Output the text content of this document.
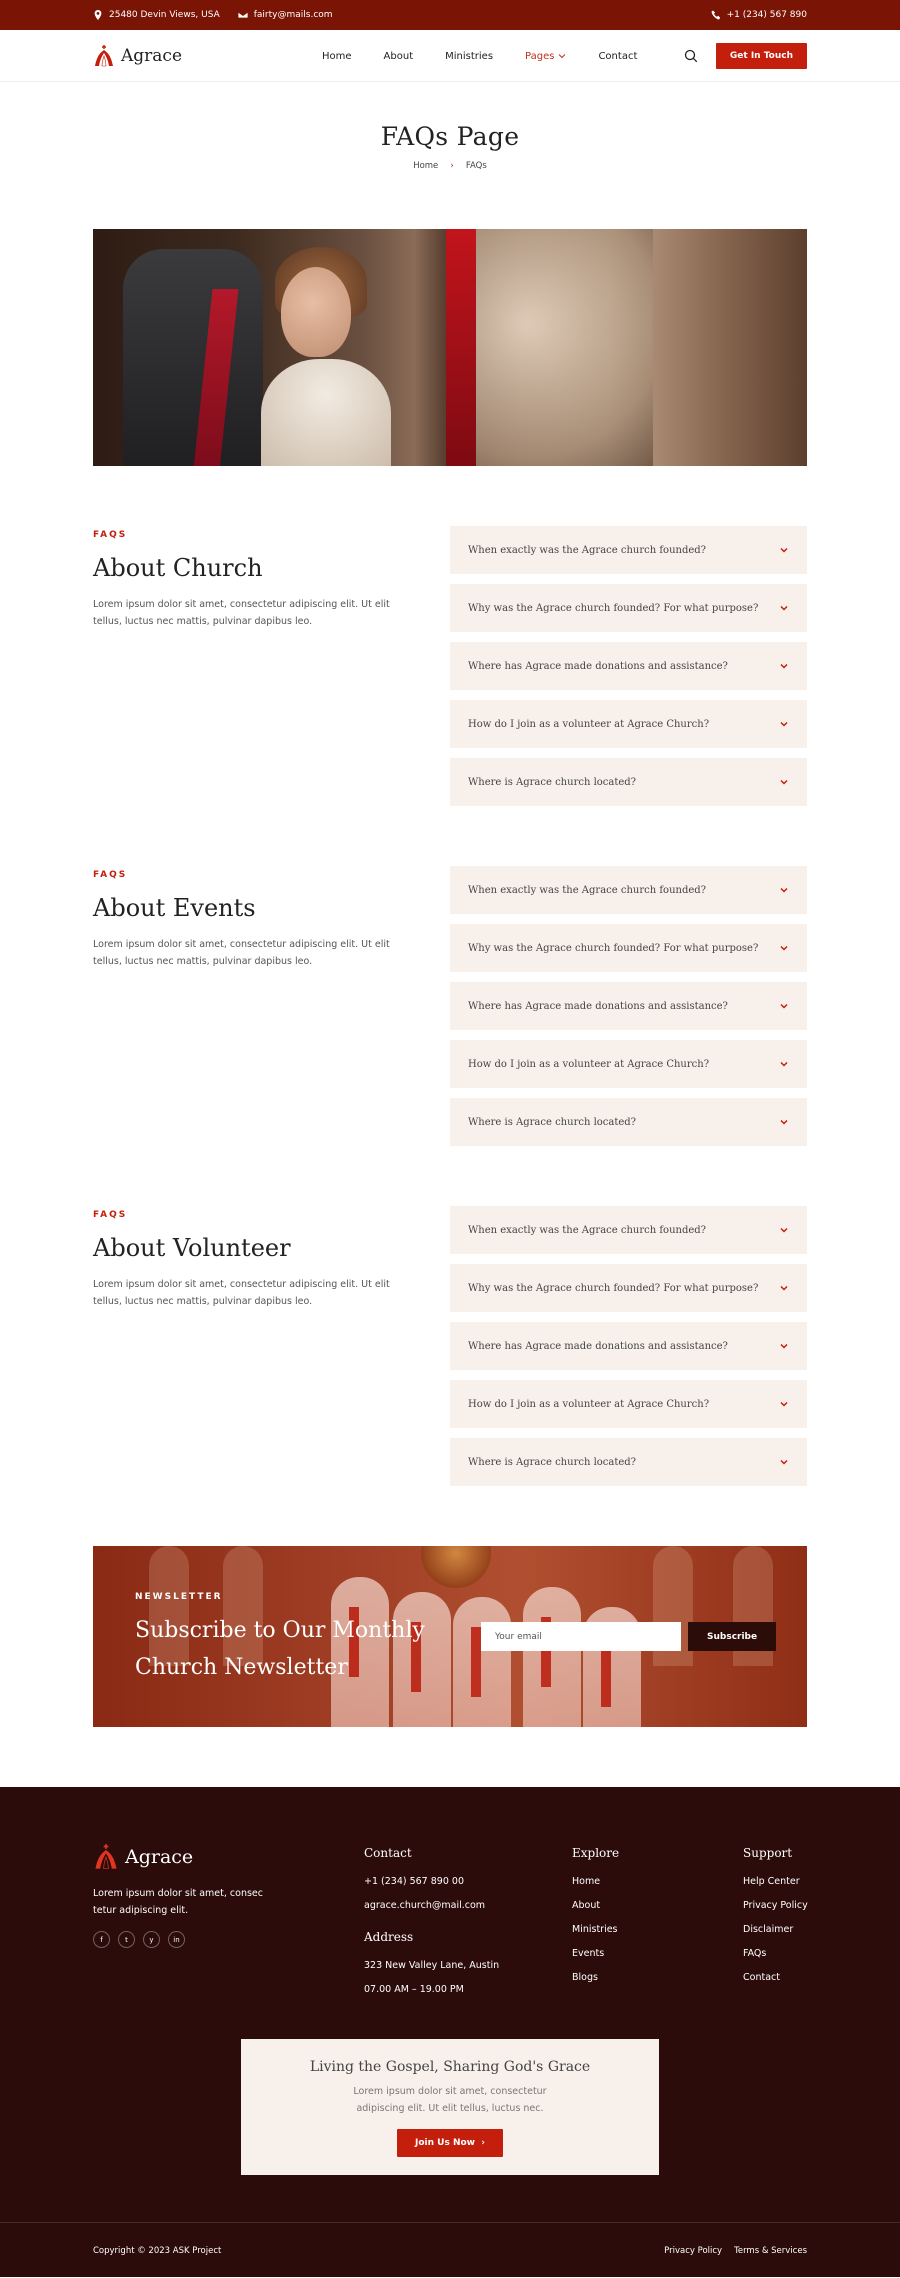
25480 Devin Views, USA	fairty@mails.com	+1 (234) 567 890
Agrace	Home	About	Ministries	Pages	Contact	Get In Touch
FAQs Page
Home › FAQs
FAQS
About Church

Lorem ipsum dolor sit amet, consectetur adipiscing elit. Ut elit tellus, luctus nec mattis, pulvinar dapibus leo.

When exactly was the Agrace church founded?
Why was the Agrace church founded? For what purpose?
Where has Agrace made donations and assistance?
How do I join as a volunteer at Agrace Church?
Where is Agrace church located?
FAQS
About Events

Lorem ipsum dolor sit amet, consectetur adipiscing elit. Ut elit tellus, luctus nec mattis, pulvinar dapibus leo.

When exactly was the Agrace church founded?
Why was the Agrace church founded? For what purpose?
Where has Agrace made donations and assistance?
How do I join as a volunteer at Agrace Church?
Where is Agrace church located?
FAQS
About Volunteer

Lorem ipsum dolor sit amet, consectetur adipiscing elit. Ut elit tellus, luctus nec mattis, pulvinar dapibus leo.

When exactly was the Agrace church founded?
Why was the Agrace church founded? For what purpose?
Where has Agrace made donations and assistance?
How do I join as a volunteer at Agrace Church?
Where is Agrace church located?
NEWSLETTER
Subscribe to Our Monthly Church Newsletter
Your email	Subscribe
Agrace

Lorem ipsum dolor sit amet, consec tetur adipiscing elit.

f	t	y	in
Contact
+1 (234) 567 890 00
agrace.church@mail.com
Address
323 New Valley Lane, Austin
07.00 AM – 19.00 PM
Explore
Home
About
Ministries
Events
Blogs
Support
Help Center
Privacy Policy
Disclaimer
FAQs
Contact
Living the Gospel, Sharing God's Grace

Lorem ipsum dolor sit amet, consectetur adipiscing elit. Ut elit tellus, luctus nec.

Join Us Now  ›
Copyright © 2023 ASK Project	Privacy Policy Terms & Services
